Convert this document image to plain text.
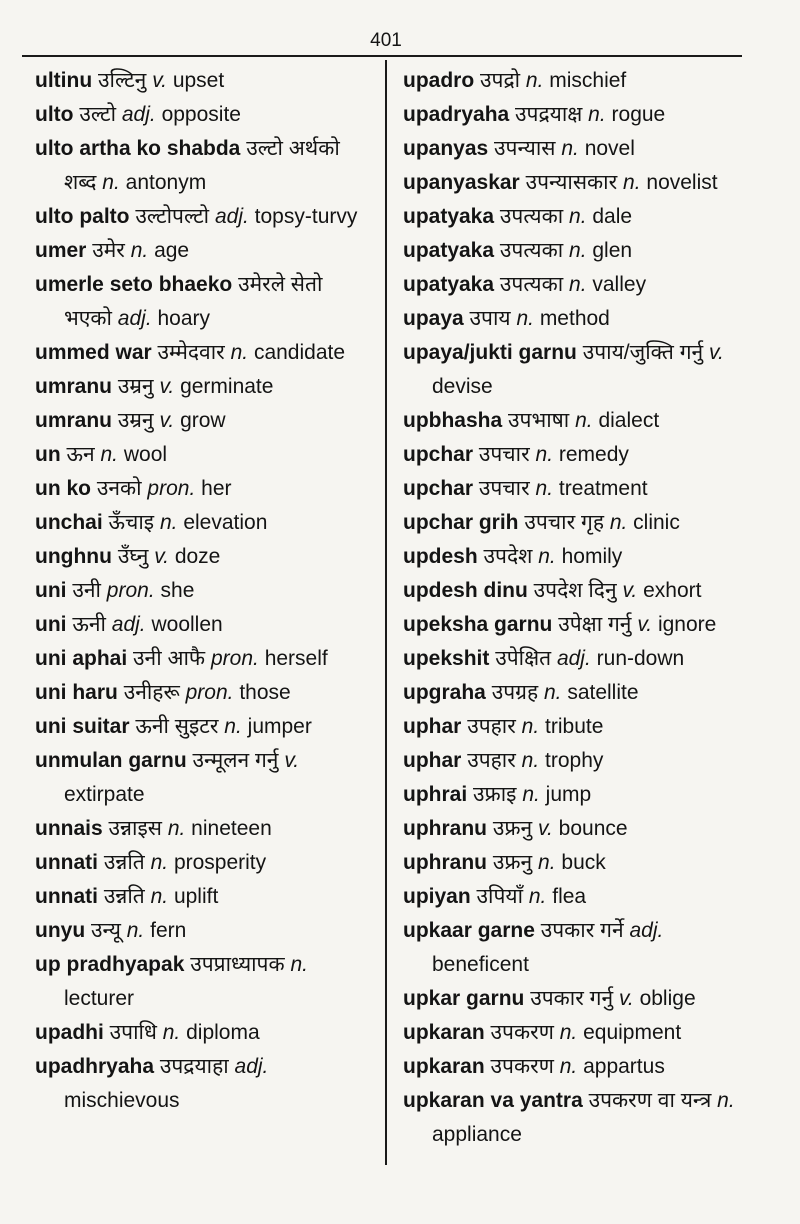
401
ultinu उल्टिनु v. upset
ulto उल्टो adj. opposite
ulto artha ko shabda उल्टो अर्थको शब्द n. antonym
ulto palto उल्टोपल्टो adj. topsy-turvy
umer उमेर n. age
umerle seto bhaeko उमेरले सेतो भएको adj. hoary
ummed war उम्मेदवार n. candidate
umranu उम्रनु v. germinate
umranu उम्रनु v. grow
un ऊन n. wool
un ko उनको pron. her
unchai ऊँचाइ n. elevation
unghnu उँघ्नु v. doze
uni उनी pron. she
uni ऊनी adj. woollen
uni aphai उनी आफै pron. herself
uni haru उनीहरू pron. those
uni suitar ऊनी सुइटर n. jumper
unmulan garnu उन्मूलन गर्नु v. extirpate
unnais उन्नाइस n. nineteen
unnati उन्नति n. prosperity
unnati उन्नति n. uplift
unyu उन्यू n. fern
up pradhyapak उपप्राध्यापक n. lecturer
upadhi उपाधि n. diploma
upadhryaha उपद्रयाहा adj. mischievous
upadro उपद्रो n. mischief
upadryaha उपद्रयाक्ष n. rogue
upanyas उपन्यास n. novel
upanyaskar उपन्यासकार n. novelist
upatyaka उपत्यका n. dale
upatyaka उपत्यका n. glen
upatyaka उपत्यका n. valley
upaya उपाय n. method
upaya/jukti garnu उपाय/जुक्ति गर्नु v. devise
upbhasha उपभाषा n. dialect
upchar उपचार n. remedy
upchar उपचार n. treatment
upchar grih उपचार गृह n. clinic
updesh उपदेश n. homily
updesh dinu उपदेश दिनु v. exhort
upeksha garnu उपेक्षा गर्नु v. ignore
upekshit उपेक्षित adj. run-down
upgraha उपग्रह n. satellite
uphar उपहार n. tribute
uphar उपहार n. trophy
uphrai उफ्राइ n. jump
uphranu उफ्रनु v. bounce
uphranu उफ्रनु n. buck
upiyan उपियाँ n. flea
upkaar garne उपकार गर्ने adj. beneficent
upkar garnu उपकार गर्नु v. oblige
upkaran उपकरण n. equipment
upkaran उपकरण n. appartus
upkaran va yantra उपकरण वा यन्त्र n. appliance
